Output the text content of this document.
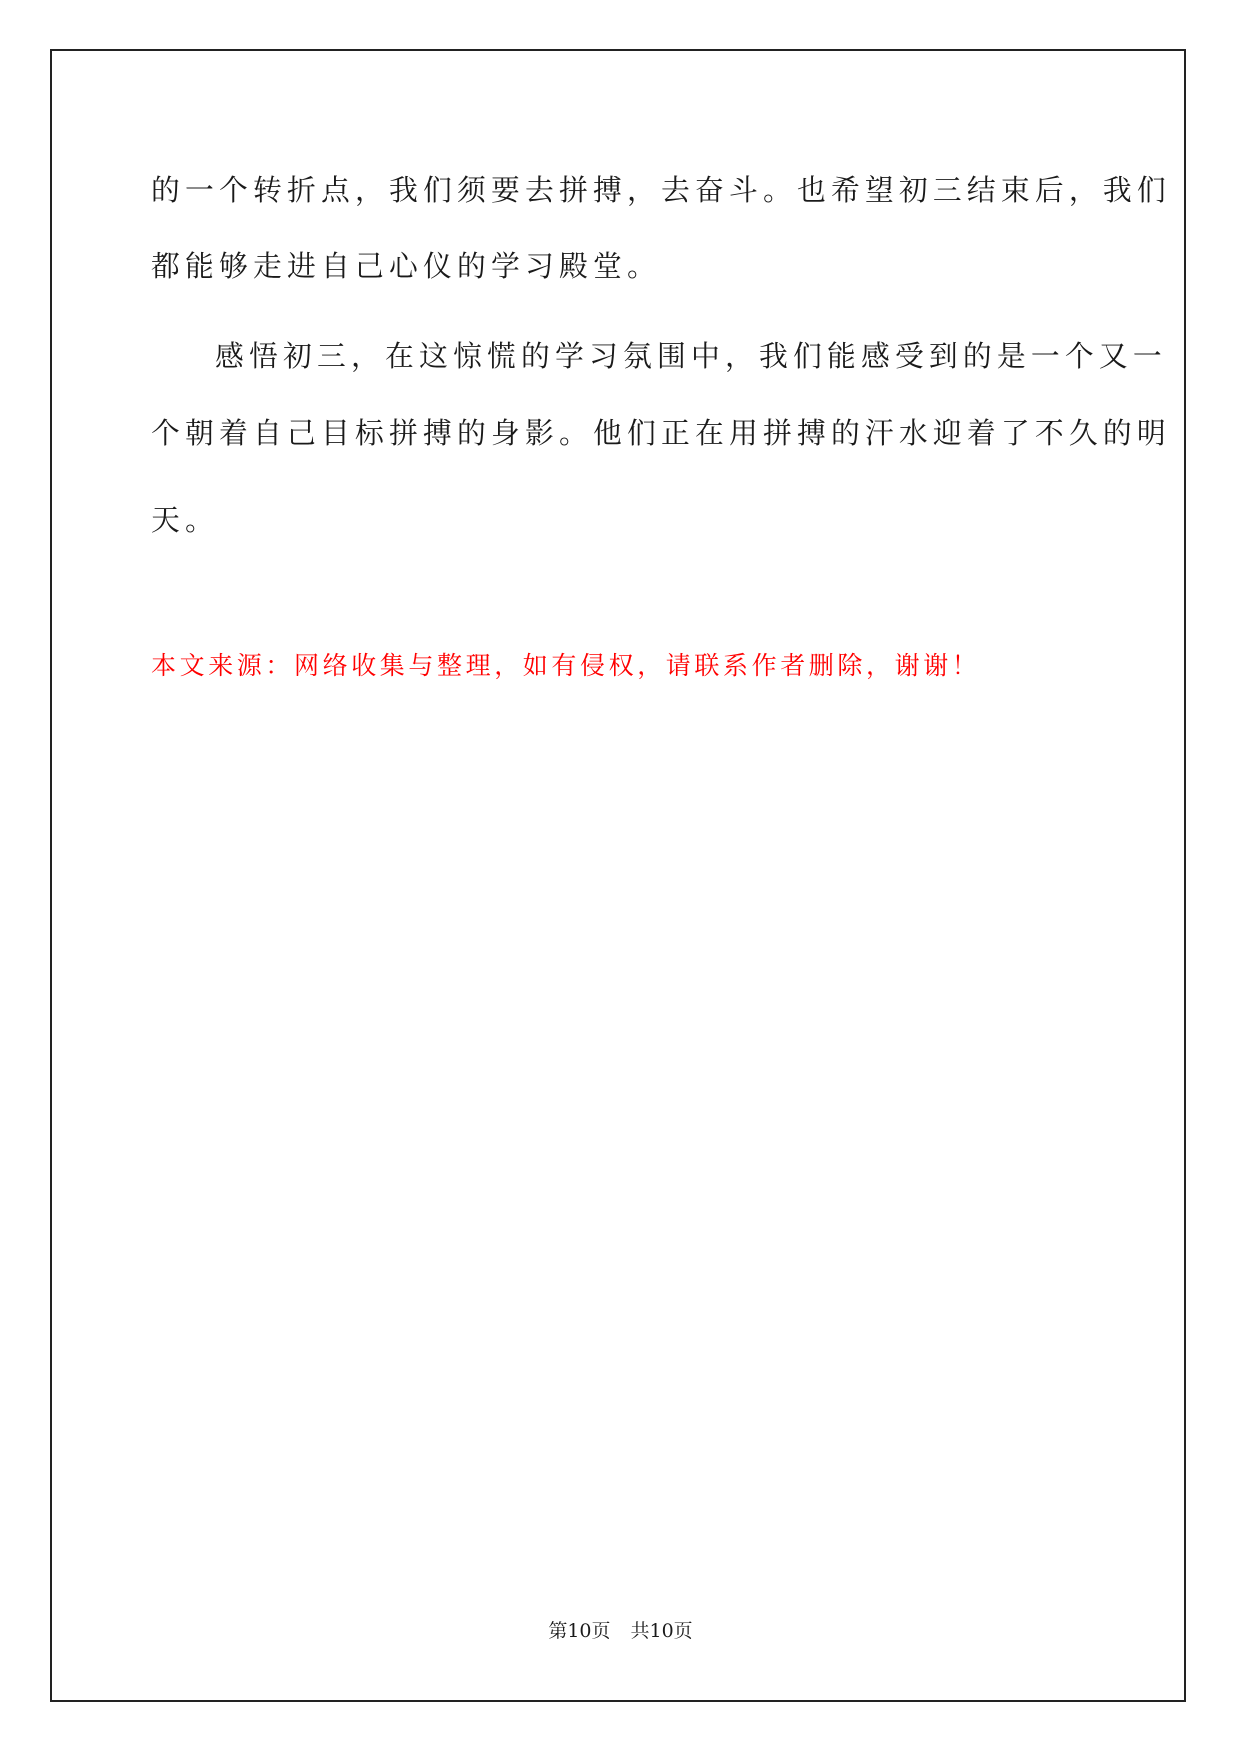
的一个转折点，我们须要去拼搏，去奋斗。也希望初三结束后，我们
都能够走进自己心仪的学习殿堂。
感悟初三，在这惊慌的学习氛围中，我们能感受到的是一个又一
个朝着自己目标拼搏的身影。他们正在用拼搏的汗水迎着了不久的明
天。
本文来源：网络收集与整理，如有侵权，请联系作者删除，谢谢！
第10页 共10页
